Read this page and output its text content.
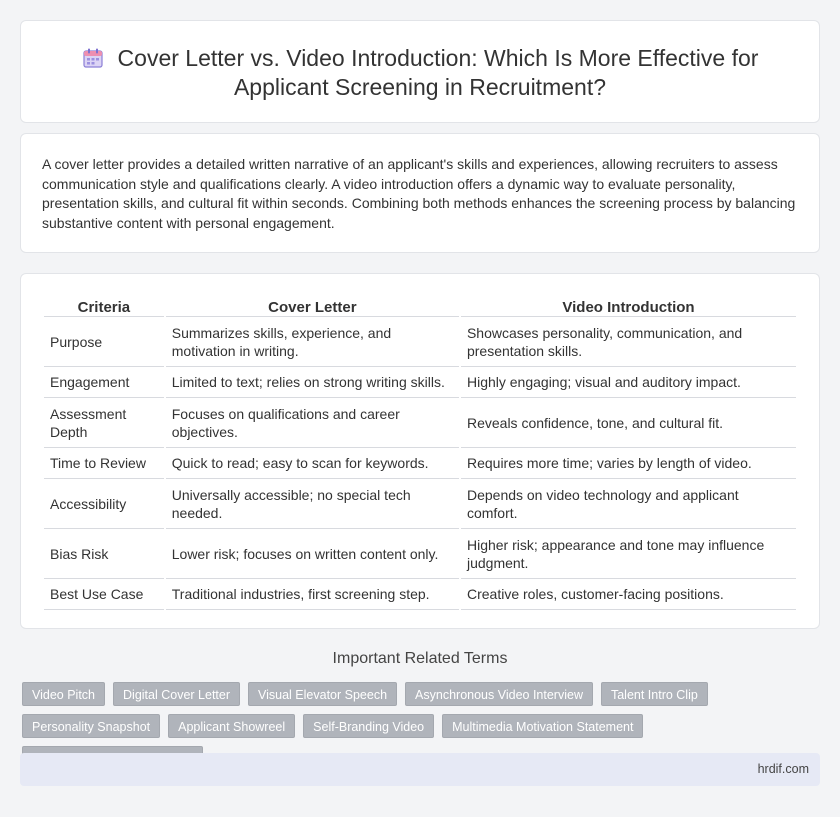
Cover Letter vs. Video Introduction: Which Is More Effective for
Applicant Screening in Recruitment?

A cover letter provides a detailed written narrative of an applicant's skills and experiences, allowing recruiters to assess communication style and qualifications clearly. A video introduction offers a dynamic way to evaluate personality, presentation skills, and cultural fit within seconds. Combining both methods enhances the screening process by balancing substantive content with personal engagement.

Criteria	Cover Letter	Video Introduction
Purpose	Summarizes skills, experience, and motivation in writing.	Showcases personality, communication, and presentation skills.
Engagement	Limited to text; relies on strong writing skills.	Highly engaging; visual and auditory impact.
Assessment Depth	Focuses on qualifications and career objectives.	Reveals confidence, tone, and cultural fit.
Time to Review	Quick to read; easy to scan for keywords.	Requires more time; varies by length of video.
Accessibility	Universally accessible; no special tech needed.	Depends on video technology and applicant comfort.
Bias Risk	Lower risk; focuses on written content only.	Higher risk; appearance and tone may influence judgment.
Best Use Case	Traditional industries, first screening step.	Creative roles, customer-facing positions.
Important Related Terms
Video Pitch	Digital Cover Letter	Visual Elevator Speech	Asynchronous Video Interview	Talent Intro Clip
Personality Snapshot	Applicant Showreel	Self-Branding Video	Multimedia Motivation Statement
hrdif.com
